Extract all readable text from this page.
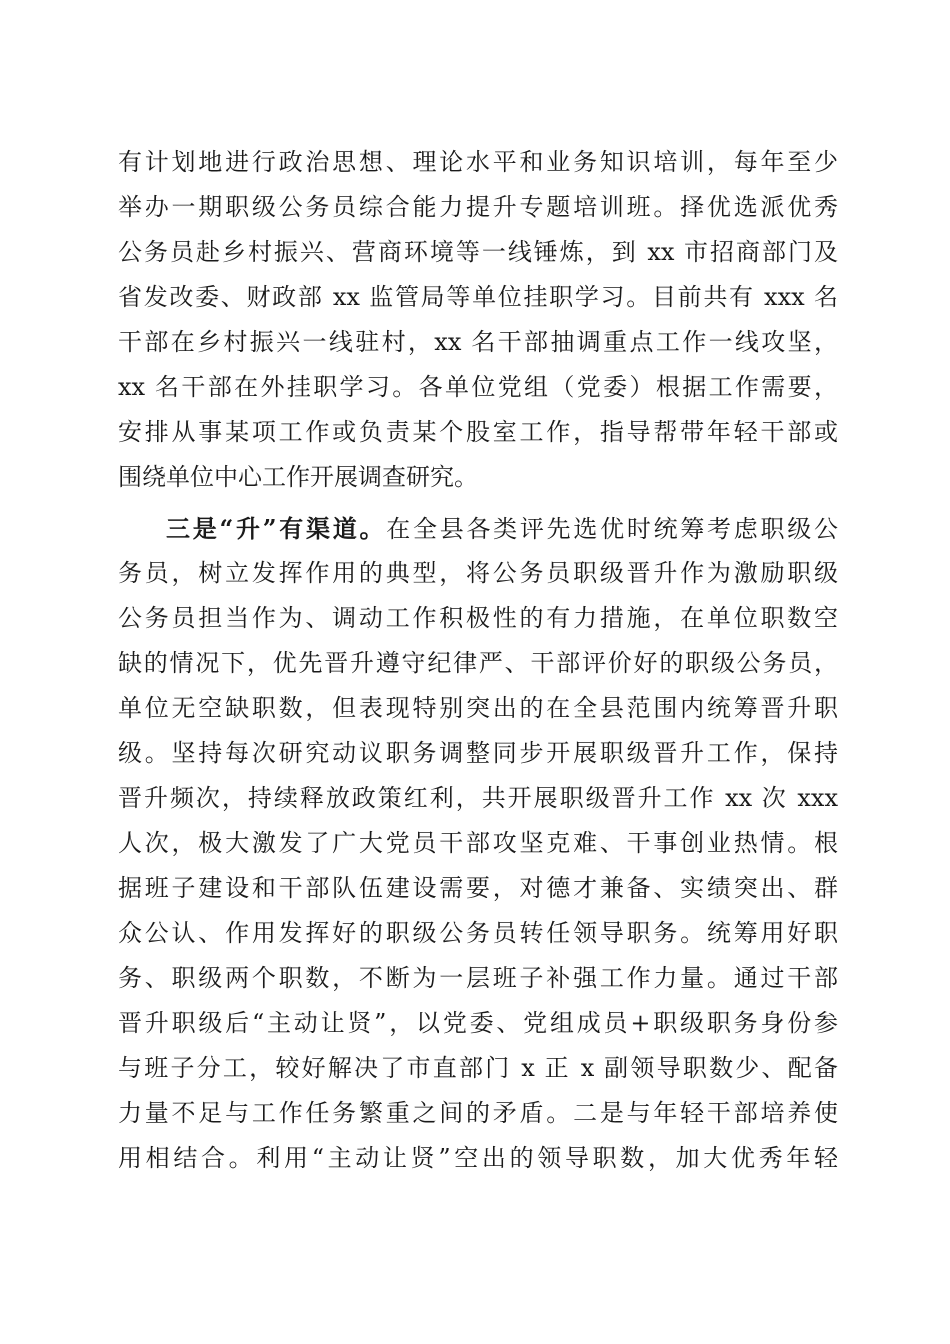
有计划地进行政治思想、理论水平和业务知识培训，每年至少
举办一期职级公务员综合能力提升专题培训班。择优选派优秀
公务员赴乡村振兴、营商环境等一线锤炼，到 xx 市招商部门及
省发改委、财政部 xx 监管局等单位挂职学习。目前共有 xxx 名
干部在乡村振兴一线驻村，xx 名干部抽调重点工作一线攻坚，
xx 名干部在外挂职学习。各单位党组（党委）根据工作需要，
安排从事某项工作或负责某个股室工作，指导帮带年轻干部或
围绕单位中心工作开展调查研究。
三是“升”有渠道。在全县各类评先选优时统筹考虑职级公
务员，树立发挥作用的典型，将公务员职级晋升作为激励职级
公务员担当作为、调动工作积极性的有力措施，在单位职数空
缺的情况下，优先晋升遵守纪律严、干部评价好的职级公务员，
单位无空缺职数，但表现特别突出的在全县范围内统筹晋升职
级。坚持每次研究动议职务调整同步开展职级晋升工作，保持
晋升频次，持续释放政策红利，共开展职级晋升工作 xx 次 xxx
人次，极大激发了广大党员干部攻坚克难、干事创业热情。根
据班子建设和干部队伍建设需要，对德才兼备、实绩突出、群
众公认、作用发挥好的职级公务员转任领导职务。统筹用好职
务、职级两个职数，不断为一层班子补强工作力量。通过干部
晋升职级后“主动让贤”，以党委、党组成员+职级职务身份参
与班子分工，较好解决了市直部门 x 正 x 副领导职数少、配备
力量不足与工作任务繁重之间的矛盾。二是与年轻干部培养使
用相结合。利用“主动让贤”空出的领导职数，加大优秀年轻
